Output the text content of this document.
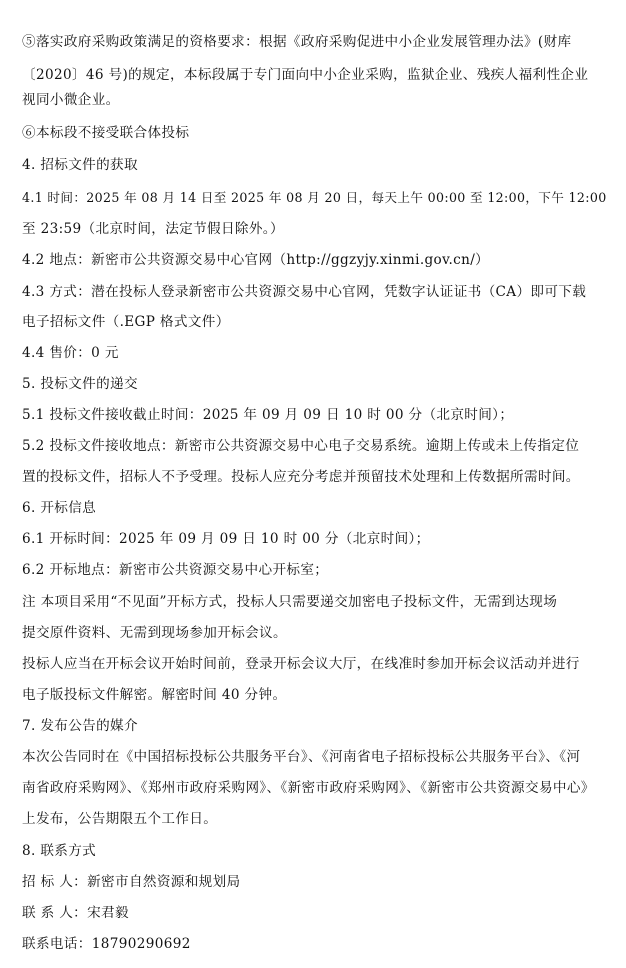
⑤落实政府采购政策满足的资格要求：根据《政府采购促进中小企业发展管理办法》(财库
〔2020〕46 号)的规定，本标段属于专门面向中小企业采购，监狱企业、残疾人福利性企业
视同小微企业。
⑥本标段不接受联合体投标
4. 招标文件的获取
4.1 时间：2025 年 08 月 14 日至 2025 年 08 月 20 日，每天上午 00:00 至 12:00，下午 12:00
至 23:59（北京时间，法定节假日除外。）
4.2 地点：新密市公共资源交易中心官网（http://ggzyjy.xinmi.gov.cn/）
4.3 方式：潜在投标人登录新密市公共资源交易中心官网，凭数字认证证书（CA）即可下载
电子招标文件（.EGP 格式文件）
4.4 售价：0 元
5. 投标文件的递交
5.1 投标文件接收截止时间：2025 年 09 月 09 日 10 时 00 分（北京时间）；
5.2 投标文件接收地点：新密市公共资源交易中心电子交易系统。逾期上传或未上传指定位
置的投标文件，招标人不予受理。投标人应充分考虑并预留技术处理和上传数据所需时间。
6. 开标信息
6.1 开标时间：2025 年 09 月 09 日 10 时 00 分（北京时间）；
6.2 开标地点：新密市公共资源交易中心开标室；
注 本项目采用“不见面”开标方式，投标人只需要递交加密电子投标文件，无需到达现场
提交原件资料、无需到现场参加开标会议。
投标人应当在开标会议开始时间前，登录开标会议大厅，在线准时参加开标会议活动并进行
电子版投标文件解密。解密时间 40 分钟。
7. 发布公告的媒介
本次公告同时在《中国招标投标公共服务平台》、《河南省电子招标投标公共服务平台》、《河
南省政府采购网》、《郑州市政府采购网》、《新密市政府采购网》、《新密市公共资源交易中心》
上发布，公告期限五个工作日。
8. 联系方式
招 标 人：新密市自然资源和规划局
联 系 人：宋君毅
联系电话：18790290692
